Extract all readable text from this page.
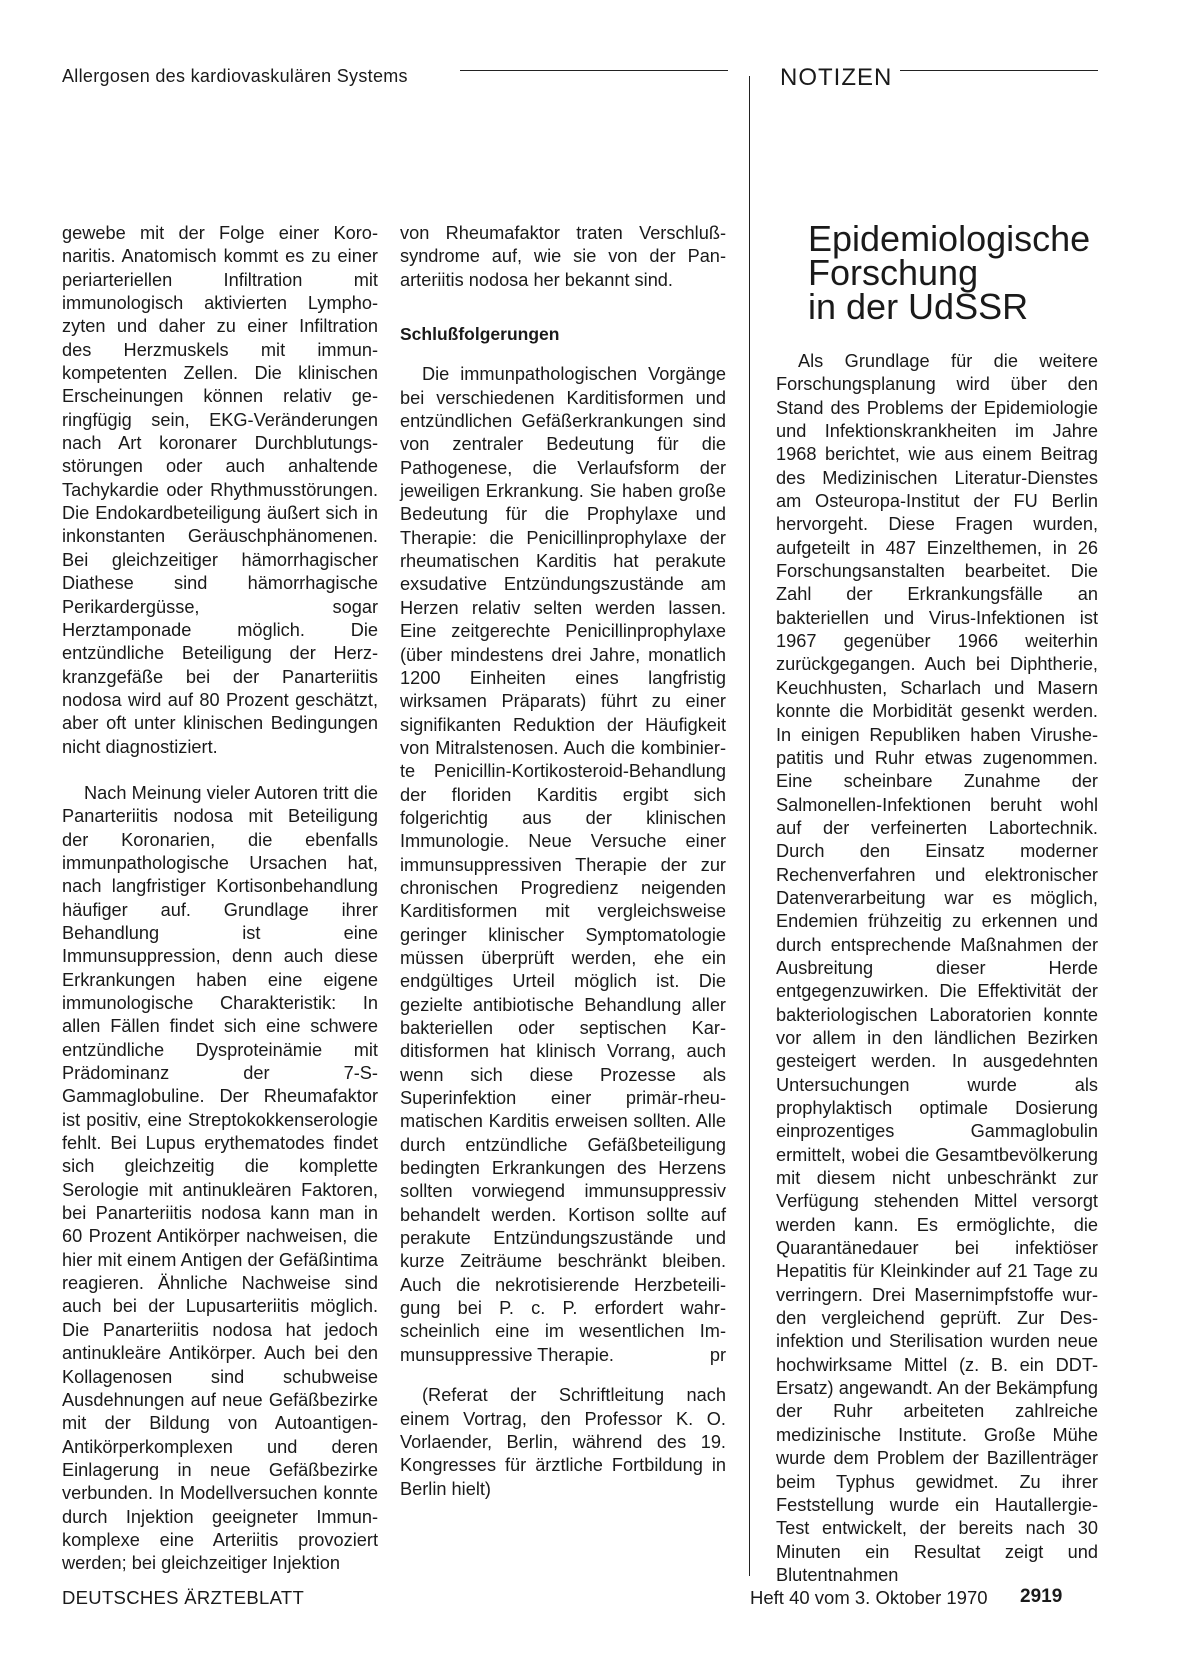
Allergosen des kardiovaskulären Systems	NOTIZEN

gewebe mit der Folge einer Koronaritis. Anatomisch kommt es zu einer periarteriellen Infiltration mit immunologisch aktivierten Lymphozyten und daher zu einer Infiltration des Herzmuskels mit immunkompetenten Zellen. Die klinischen Erscheinungen können relativ geringfügig sein, EKG-Veränderungen nach Art koronarer Durchblutungsstörungen oder auch anhaltende Tachykardie oder Rhythmusstörungen. Die Endokardbeteiligung äußert sich in inkonstanten Geräuschphänomenen. Bei gleichzeitiger hämorrhagischer Diathese sind hämorrhagische Perikardergüsse, sogar Herztamponade möglich. Die entzündliche Beteiligung der Herzkranzgefäße bei der Panarteriitis nodosa wird auf 80 Prozent geschätzt, aber oft unter klinischen Bedingungen nicht diagnostiziert.

Nach Meinung vieler Autoren tritt die Panarteriitis nodosa mit Beteiligung der Koronarien, die ebenfalls immunpathologische Ursachen hat, nach langfristiger Kortisonbehandlung häufiger auf. Grundlage ihrer Behandlung ist eine Immunsuppression, denn auch diese Erkrankungen haben eine eigene immunologische Charakteristik: In allen Fällen findet sich eine schwere entzündliche Dysproteinämie mit Prädominanz der 7-S-Gammaglobuline. Der Rheumafaktor ist positiv, eine Streptokokkenserologie fehlt. Bei Lupus erythematodes findet sich gleichzeitig die komplette Serologie mit antinukleären Faktoren, bei Panarteriitis nodosa kann man in 60 Prozent Antikörper nachweisen, die hier mit einem Antigen der Gefäßintima reagieren. Ähnliche Nachweise sind auch bei der Lupusarteriitis möglich. Die Panarteriitis nodosa hat jedoch antinukleäre Antikörper. Auch bei den Kollagenosen sind schubweise Ausdehnungen auf neue Gefäßbezirke mit der Bildung von Autoantigen-Antikörperkomplexen und deren Einlagerung in neue Gefäßbezirke verbunden. In Modellversuchen konnte durch Injektion geeigneter Immunkomplexe eine Arteriitis provoziert werden; bei gleichzeitiger Injektion

von Rheumafaktor traten Verschlußsyndrome auf, wie sie von der Panarteriitis nodosa her bekannt sind.

Schlußfolgerungen

Die immunpathologischen Vorgänge bei verschiedenen Karditisformen und entzündlichen Gefäßerkrankungen sind von zentraler Bedeutung für die Pathogenese, die Verlaufsform der jeweiligen Erkrankung. Sie haben große Bedeutung für die Prophylaxe und Therapie: die Penicillinprophylaxe der rheumatischen Karditis hat perakute exsudative Entzündungszustände am Herzen relativ selten werden lassen. Eine zeitgerechte Penicillinprophylaxe (über mindestens drei Jahre, monatlich 1200 Einheiten eines langfristig wirksamen Präparats) führt zu einer signifikanten Reduktion der Häufigkeit von Mitralstenosen. Auch die kombinierte Penicillin-Kortikosteroid-Behandlung der floriden Karditis ergibt sich folgerichtig aus der klinischen Immunologie. Neue Versuche einer immunsuppressiven Therapie der zur chronischen Progredienz neigenden Karditisformen mit vergleichsweise geringer klinischer Symptomatologie müssen überprüft werden, ehe ein endgültiges Urteil möglich ist. Die gezielte antibiotische Behandlung aller bakteriellen oder septischen Karditisformen hat klinisch Vorrang, auch wenn sich diese Prozesse als Superinfektion einer primär-rheumatischen Karditis erweisen sollten. Alle durch entzündliche Gefäßbeteiligung bedingten Erkrankungen des Herzens sollten vorwiegend immunsuppressiv behandelt werden. Kortison sollte auf perakute Entzündungszustände und kurze Zeiträume beschränkt bleiben. Auch die nekrotisierende Herzbeteiligung bei P. c. P. erfordert wahrscheinlich eine im wesentlichen Immunsuppressive Therapie.	pr

(Referat der Schriftleitung nach einem Vortrag, den Professor K. O. Vorlaender, Berlin, während des 19. Kongresses für ärztliche Fortbildung in Berlin hielt)

Epidemiologische
Forschung
in der UdSSR

Als Grundlage für die weitere Forschungsplanung wird über den Stand des Problems der Epidemiologie und Infektionskrankheiten im Jahre 1968 berichtet, wie aus einem Beitrag des Medizinischen Literatur-Dienstes am Osteuropa-Institut der FU Berlin hervorgeht. Diese Fragen wurden, aufgeteilt in 487 Einzelthemen, in 26 Forschungsanstalten bearbeitet. Die Zahl der Erkrankungsfälle an bakteriellen und Virus-Infektionen ist 1967 gegenüber 1966 weiterhin zurückgegangen. Auch bei Diphtherie, Keuchhusten, Scharlach und Masern konnte die Morbidität gesenkt werden. In einigen Republiken haben Virushepatitis und Ruhr etwas zugenommen. Eine scheinbare Zunahme der Salmonellen-Infektionen beruht wohl auf der verfeinerten Labortechnik. Durch den Einsatz moderner Rechenverfahren und elektronischer Datenverarbeitung war es möglich, Endemien frühzeitig zu erkennen und durch entsprechende Maßnahmen der Ausbreitung dieser Herde entgegenzuwirken. Die Effektivität der bakteriologischen Laboratorien konnte vor allem in den ländlichen Bezirken gesteigert werden. In ausgedehnten Untersuchungen wurde als prophylaktisch optimale Dosierung einprozentiges Gammaglobulin ermittelt, wobei die Gesamtbevölkerung mit diesem nicht unbeschränkt zur Verfügung stehenden Mittel versorgt werden kann. Es ermöglichte, die Quarantänedauer bei infektiöser Hepatitis für Kleinkinder auf 21 Tage zu verringern. Drei Masernimpfstoffe wurden vergleichend geprüft. Zur Desinfektion und Sterilisation wurden neue hochwirksame Mittel (z. B. ein DDT-Ersatz) angewandt. An der Bekämpfung der Ruhr arbeiteten zahlreiche medizinische Institute. Große Mühe wurde dem Problem der Bazillenträger beim Typhus gewidmet. Zu ihrer Feststellung wurde ein Hautallergie-Test entwickelt, der bereits nach 30 Minuten ein Resultat zeigt und Blutentnahmen

DEUTSCHES ÄRZTEBLATT	Heft 40 vom 3. Oktober 1970 2919
